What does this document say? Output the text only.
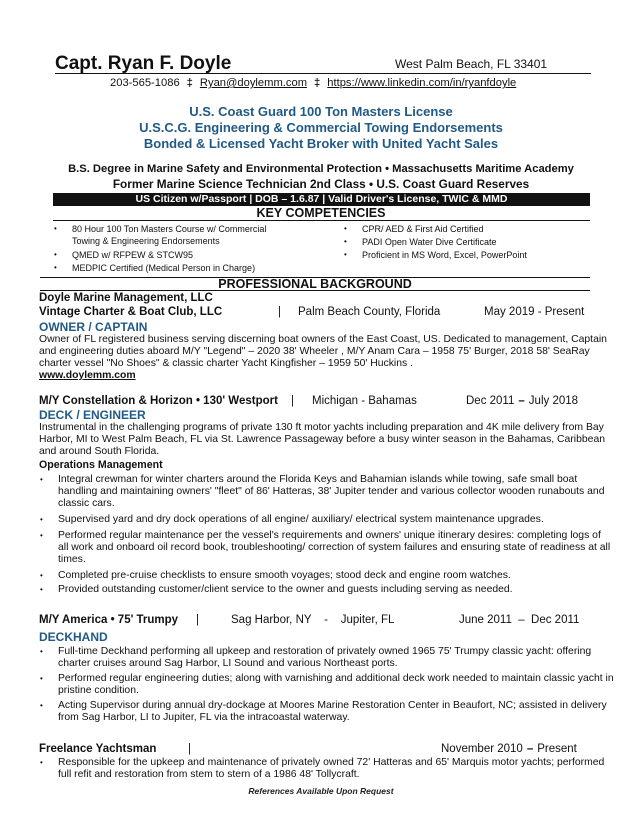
Capt. Ryan F. Doyle	West Palm Beach, FL 33401
203-565-1086 ‡ Ryan@doylemm.com ‡ https://www.linkedin.com/in/ryanfdoyle
U.S. Coast Guard 100 Ton Masters License
U.S.C.G. Engineering & Commercial Towing Endorsements
Bonded & Licensed Yacht Broker with United Yacht Sales
B.S. Degree in Marine Safety and Environmental Protection • Massachusetts Maritime Academy
Former Marine Science Technician 2nd Class • U.S. Coast Guard Reserves
US Citizen w/Passport | DOB – 1.6.87 | Valid Driver's License, TWIC & MMD
KEY COMPETENCIES
• 80 Hour 100 Ton Masters Course w/ Commercial
Towing & Engineering Endorsements
• QMED w/ RFPEW & STCW95
• MEDPIC Certified (Medical Person in Charge)
• CPR/ AED & First Aid Certified
• PADI Open Water Dive Certificate
• Proficient in MS Word, Excel, PowerPoint
PROFESSIONAL BACKGROUND
Doyle Marine Management, LLC
Vintage Charter & Boat Club, LLC	| Palm Beach County, Florida	May 2019 - Present
OWNER / CAPTAIN
Owner of FL registered business serving discerning boat owners of the East Coast, US. Dedicated to management, Captain and engineering duties aboard M/Y "Legend" – 2020 38' Wheeler , M/Y Anam Cara – 1958 75' Burger, 2018 58' SeaRay charter vessel "No Shoes" & classic charter Yacht Kingfisher – 1959 50' Huckins .
www.doylemm.com
M/Y Constellation & Horizon • 130' Westport | Michigan - Bahamas	Dec 2011 – July 2018
DECK / ENGINEER
Instrumental in the challenging programs of private 130 ft motor yachts including preparation and 4K mile delivery from Bay Harbor, MI to West Palm Beach, FL via St. Lawrence Passageway before a busy winter season in the Bahamas, Caribbean and around South Florida.
Operations Management
• Integral crewman for winter charters around the Florida Keys and Bahamian islands while towing, safe small boat handling and maintaining owners' "fleet" of 86' Hatteras, 38' Jupiter tender and various collector wooden runabouts and classic cars.
• Supervised yard and dry dock operations of all engine/ auxiliary/ electrical system maintenance upgrades.
• Performed regular maintenance per the vessel's requirements and owners' unique itinerary desires: completing logs of all work and onboard oil record book, troubleshooting/ correction of system failures and ensuring state of readiness at all times.
• Completed pre-cruise checklists to ensure smooth voyages; stood deck and engine room watches.
• Provided outstanding customer/client service to the owner and guests including serving as needed.
M/Y America • 75' Trumpy |	Sag Harbor, NY    -    Jupiter, FL	June 2011  –  Dec 2011
DECKHAND
• Full-time Deckhand performing all upkeep and restoration of privately owned 1965 75' Trumpy classic yacht: offering charter cruises around Sag Harbor, LI Sound and various Northeast ports.
• Performed regular engineering duties; along with varnishing and additional deck work needed to maintain classic yacht in pristine condition.
• Acting Supervisor during annual dry-dockage at Moores Marine Restoration Center in Beaufort, NC; assisted in delivery from Sag Harbor, LI to Jupiter, FL via the intracoastal waterway.
Freelance Yachtsman	|	November 2010 – Present
• Responsible for the upkeep and maintenance of privately owned 72' Hatteras and 65' Marquis motor yachts; performed full refit and restoration from stem to stern of a 1986 48' Tollycraft.
References Available Upon Request
